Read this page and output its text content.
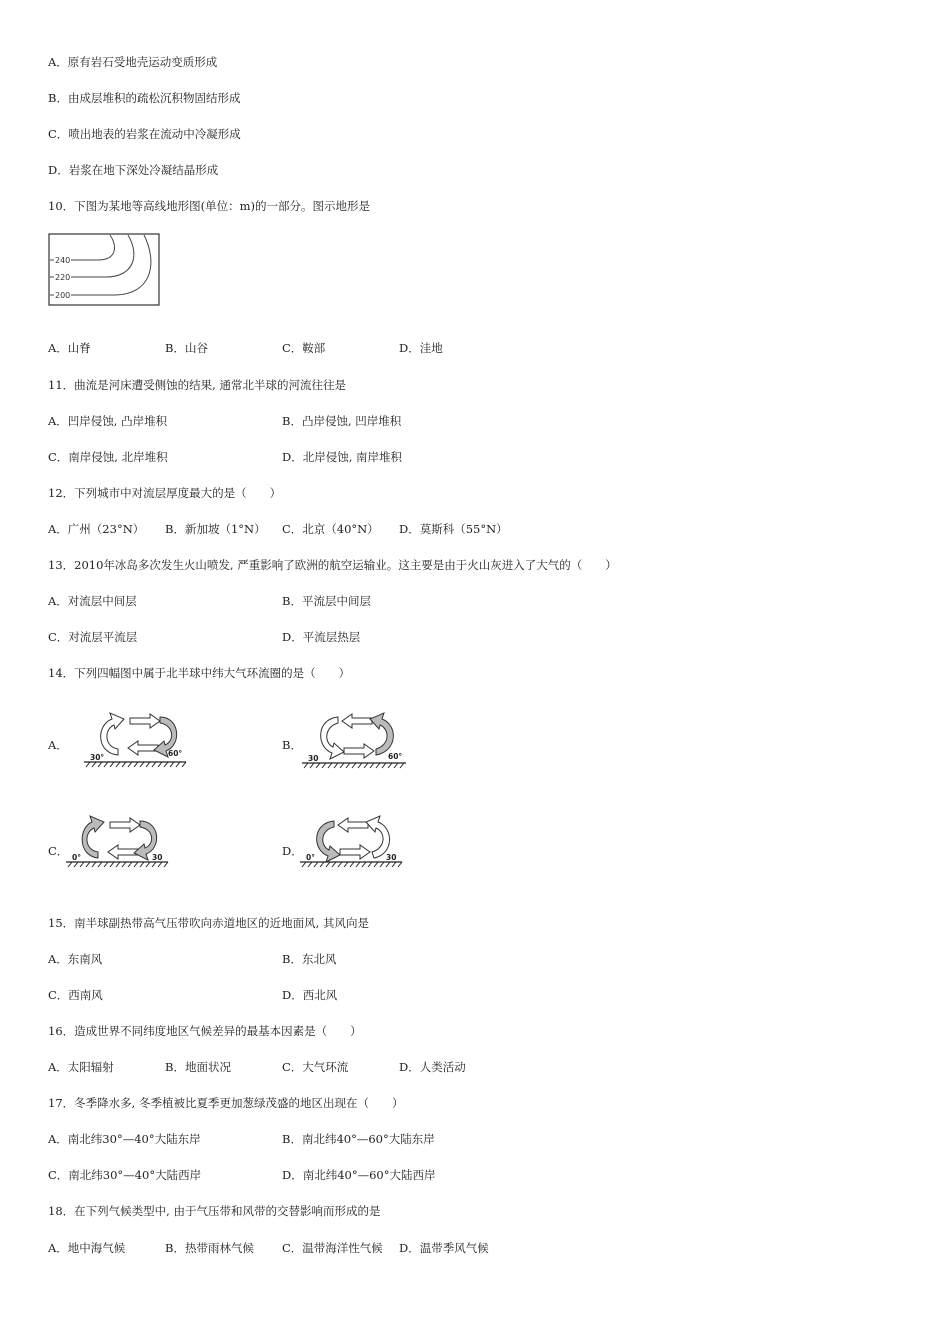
A．原有岩石受地壳运动变质形成
B．由成层堆积的疏松沉积物固结形成
C．喷出地表的岩浆在流动中冷凝形成
D．岩浆在地下深处冷凝结晶形成
10．下图为某地等高线地形图(单位：m)的一部分。图示地形是
240
220
200
A．山脊	B．山谷	C．鞍部	D．洼地
11．曲流是河床遭受侧蚀的结果, 通常北半球的河流往往是
A．凹岸侵蚀, 凸岸堆积	B．凸岸侵蚀, 凹岸堆积
C．南岸侵蚀, 北岸堆积	D．北岸侵蚀, 南岸堆积
12．下列城市中对流层厚度最大的是（　　）
A．广州（23°N） B．新加坡（1°N） C．北京（40°N） D．莫斯科（55°N）
13．2010年冰岛多次发生火山喷发, 严重影响了欧洲的航空运输业。这主要是由于火山灰进入了大气的（　　）
A．对流层中间层	B．平流层中间层
C．对流层平流层	D．平流层热层
14．下列四幅图中属于北半球中纬大气环流圈的是（　　）
A．
30°	60°
B．
30	60°
C． 0°	30	D． 0°	30
15．南半球副热带高气压带吹向赤道地区的近地面风, 其风向是
A．东南风	B．东北风
C．西南风	D．西北风
16．造成世界不同纬度地区气候差异的最基本因素是（　　）
A．太阳辐射	B．地面状况	C．大气环流	D．人类活动
17．冬季降水多, 冬季植被比夏季更加葱绿茂盛的地区出现在（　　）
A．南北纬30°—40°大陆东岸	B．南北纬40°—60°大陆东岸
C．南北纬30°—40°大陆西岸	D．南北纬40°—60°大陆西岸
18．在下列气候类型中, 由于气压带和风带的交替影响而形成的是
A．地中海气候	B．热带雨林气候 C．温带海洋性气候 D．温带季风气候
